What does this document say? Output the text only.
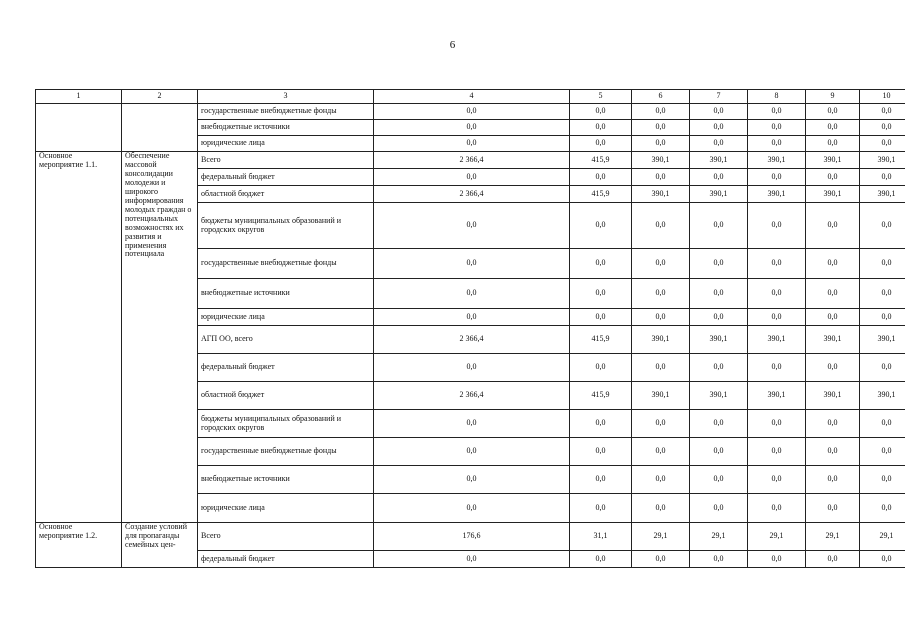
6
1	2	3	4	5	6	7	8	9	10
		государственные внебюджетные фонды	0,0	0,0	0,0	0,0	0,0	0,0	0,0
		внебюджетные источники	0,0	0,0	0,0	0,0	0,0	0,0	0,0
		юридические лица	0,0	0,0	0,0	0,0	0,0	0,0	0,0
Основное мероприятие 1.1.	Обеспечение массовой консолидации молодежи и широкого информирования молодых граждан о потенциальных возможностях их развития и применения потенциала	Всего	2 366,4	415,9	390,1	390,1	390,1	390,1	390,1
		федеральный бюджет	0,0	0,0	0,0	0,0	0,0	0,0	0,0
		областной бюджет	2 366,4	415,9	390,1	390,1	390,1	390,1	390,1
		бюджеты муниципальных образований и городских округов	0,0	0,0	0,0	0,0	0,0	0,0	0,0
		государственные внебюджетные фонды	0,0	0,0	0,0	0,0	0,0	0,0	0,0
		внебюджетные источники	0,0	0,0	0,0	0,0	0,0	0,0	0,0
		юридические лица	0,0	0,0	0,0	0,0	0,0	0,0	0,0
		АГП ОО, всего	2 366,4	415,9	390,1	390,1	390,1	390,1	390,1
		федеральный бюджет	0,0	0,0	0,0	0,0	0,0	0,0	0,0
		областной бюджет	2 366,4	415,9	390,1	390,1	390,1	390,1	390,1
		бюджеты муниципальных образований и городских округов	0,0	0,0	0,0	0,0	0,0	0,0	0,0
		государственные внебюджетные фонды	0,0	0,0	0,0	0,0	0,0	0,0	0,0
		внебюджетные источники	0,0	0,0	0,0	0,0	0,0	0,0	0,0
		юридические лица	0,0	0,0	0,0	0,0	0,0	0,0	0,0
Основное мероприятие 1.2.	Создание условий для пропаганды семейных цен-	Всего	176,6	31,1	29,1	29,1	29,1	29,1	29,1
		федеральный бюджет	0,0	0,0	0,0	0,0	0,0	0,0	0,0
